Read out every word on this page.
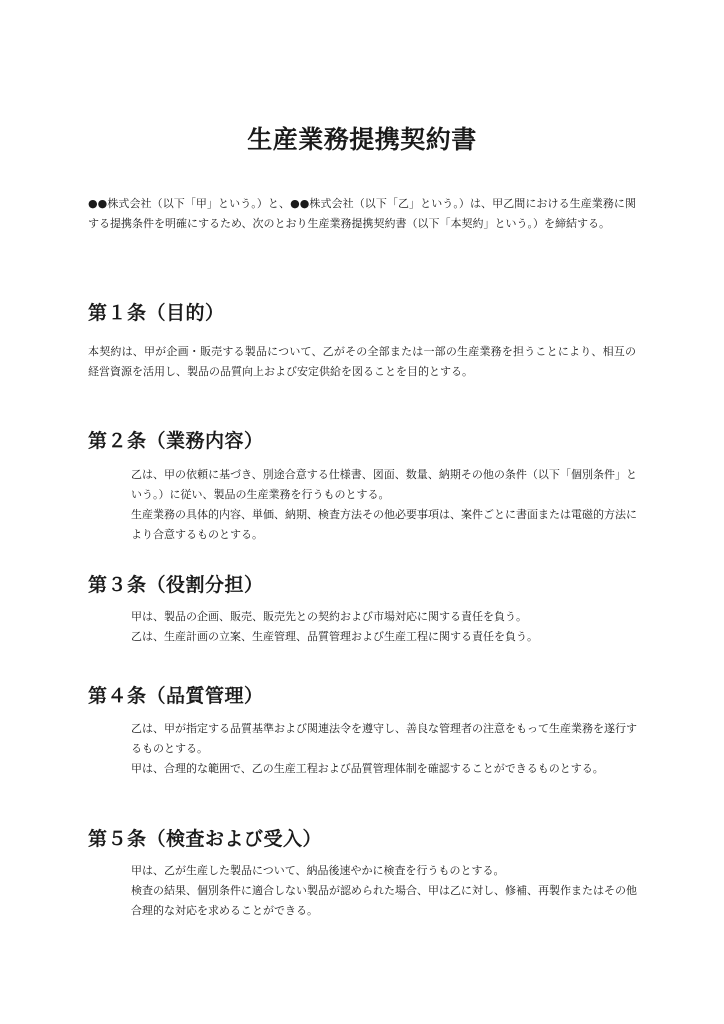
生産業務提携契約書
●●株式会社（以下「甲」という。）と、●●株式会社（以下「乙」という。）は、甲乙間における生産業務に関する提携条件を明確にするため、次のとおり生産業務提携契約書（以下「本契約」という。）を締結する。
第１条（目的）

本契約は、甲が企画・販売する製品について、乙がその全部または一部の生産業務を担うことにより、相互の経営資源を活用し、製品の品質向上および安定供給を図ることを目的とする。

第２条（業務内容）

乙は、甲の依頼に基づき、別途合意する仕様書、図面、数量、納期その他の条件（以下「個別条件」という。）に従い、製品の生産業務を行うものとする。

生産業務の具体的内容、単価、納期、検査方法その他必要事項は、案件ごとに書面または電磁的方法により合意するものとする。

第３条（役割分担）

甲は、製品の企画、販売、販売先との契約および市場対応に関する責任を負う。

乙は、生産計画の立案、生産管理、品質管理および生産工程に関する責任を負う。

第４条（品質管理）

乙は、甲が指定する品質基準および関連法令を遵守し、善良な管理者の注意をもって生産業務を遂行するものとする。

甲は、合理的な範囲で、乙の生産工程および品質管理体制を確認することができるものとする。

第５条（検査および受入）

甲は、乙が生産した製品について、納品後速やかに検査を行うものとする。

検査の結果、個別条件に適合しない製品が認められた場合、甲は乙に対し、修補、再製作またはその他合理的な対応を求めることができる。
